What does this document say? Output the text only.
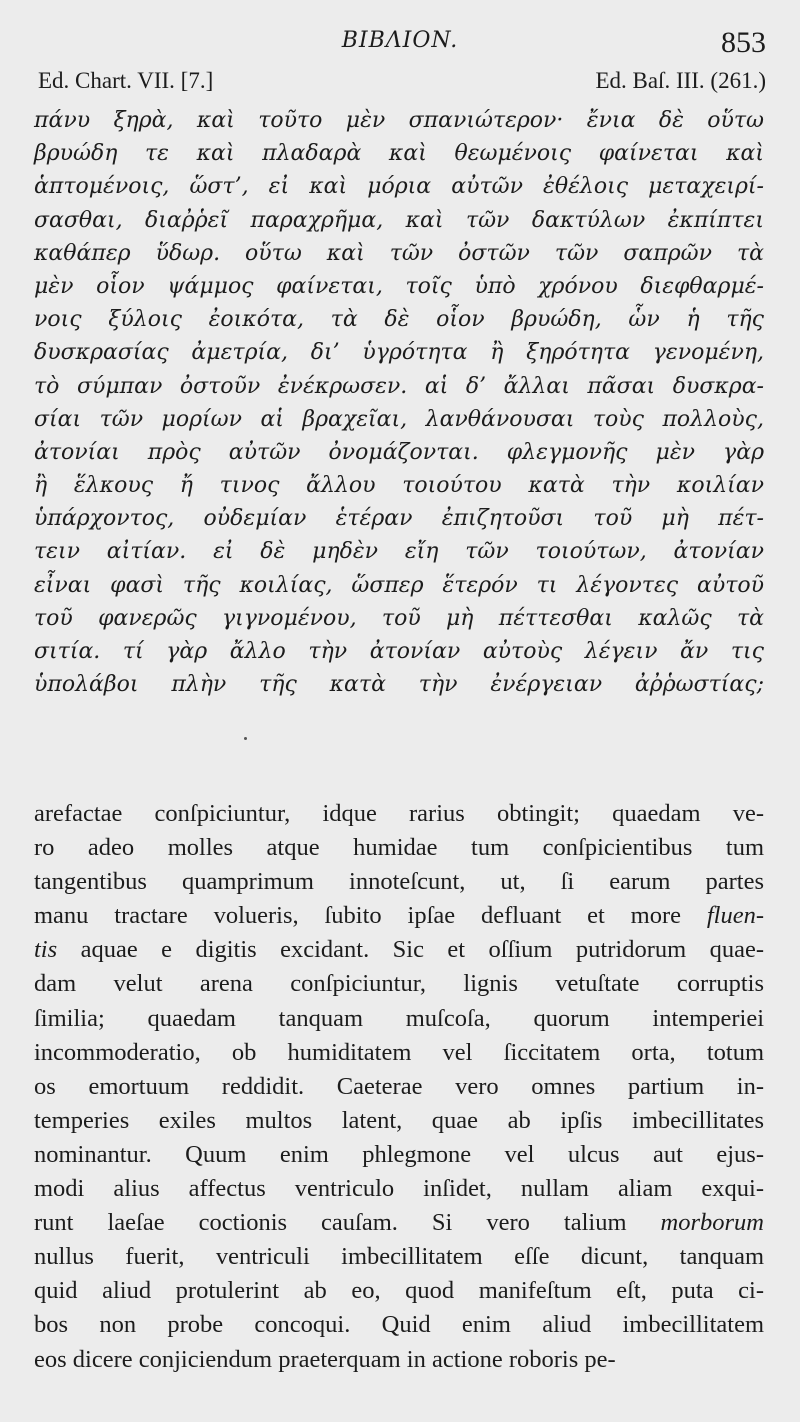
BIBΛION.	853
Ed. Chart. VII. [7.]	Ed. Baſ. III. (261.)
πάνυ ξηρὰ, καὶ τοῦτο μὲν σπανιώτερον· ἔνια δὲ οὕτω
βρυώδη τε καὶ πλαδαρὰ καὶ θεωμένοις φαίνεται καὶ
ἁπτομένοις, ὥστ’, εἰ καὶ μόρια αὐτῶν ἐθέλοις μεταχειρί-
σασθαι, διαῤῥεῖ παραχρῆμα, καὶ τῶν δακτύλων ἐκπίπτει
καθάπερ ὕδωρ. οὕτω καὶ τῶν ὀστῶν τῶν σαπρῶν τὰ
μὲν οἷον ψάμμος φαίνεται, τοῖς ὑπὸ χρόνου διεφθαρμέ-
νοις ξύλοις ἐοικότα, τὰ δὲ οἷον βρυώδη, ὧν ἡ τῆς
δυσκρασίας ἀμετρία, δι’ ὑγρότητα ἢ ξηρότητα γενομένη,
τὸ σύμπαν ὀστοῦν ἐνέκρωσεν. αἱ δ’ ἄλλαι πᾶσαι δυσκρα-
σίαι τῶν μορίων αἱ βραχεῖαι, λανθάνουσαι τοὺς πολλοὺς,
ἀτονίαι πρὸς αὐτῶν ὀνομάζονται. φλεγμονῆς μὲν γὰρ
ἢ ἕλκους ἤ τινος ἄλλου τοιούτου κατὰ τὴν κοιλίαν
ὑπάρχοντος, οὐδεμίαν ἑτέραν ἐπιζητοῦσι τοῦ μὴ πέτ-
τειν αἰτίαν. εἰ δὲ μηδὲν εἴη τῶν τοιούτων, ἀτονίαν
εἶναι φασὶ τῆς κοιλίας, ὥσπερ ἕτερόν τι λέγοντες αὐτοῦ
τοῦ φανερῶς γιγνομένου, τοῦ μὴ πέττεσθαι καλῶς τὰ
σιτία. τί γὰρ ἄλλο τὴν ἀτονίαν αὐτοὺς λέγειν ἄν τις
ὑπολάβοι πλὴν τῆς κατὰ τὴν ἐνέργειαν ἀῤῥωστίας;
arefactae conſpiciuntur, idque rarius obtingit; quaedam ve-
ro adeo molles atque humidae tum conſpicientibus tum
tangentibus quamprimum innoteſcunt, ut, ſi earum partes
manu tractare volueris, ſubito ipſae defluant et more fluen-
tis aquae e digitis excidant. Sic et oſſium putridorum quae-
dam velut arena conſpiciuntur, lignis vetuſtate corruptis
ſimilia; quaedam tanquam muſcoſa, quorum intemperiei
incommoderatio, ob humiditatem vel ſiccitatem orta, totum
os emortuum reddidit. Caeterae vero omnes partium in-
temperies exiles multos latent, quae ab ipſis imbecillitates
nominantur. Quum enim phlegmone vel ulcus aut ejus-
modi alius affectus ventriculo inſidet, nullam aliam exqui-
runt laeſae coctionis cauſam. Si vero talium morborum
nullus fuerit, ventriculi imbecillitatem eſſe dicunt, tanquam
quid aliud protulerint ab eo, quod manifeſtum eſt, puta ci-
bos non probe concoqui. Quid enim aliud imbecillitatem
eos dicere conjiciendum praeterquam in actione roboris pe-
